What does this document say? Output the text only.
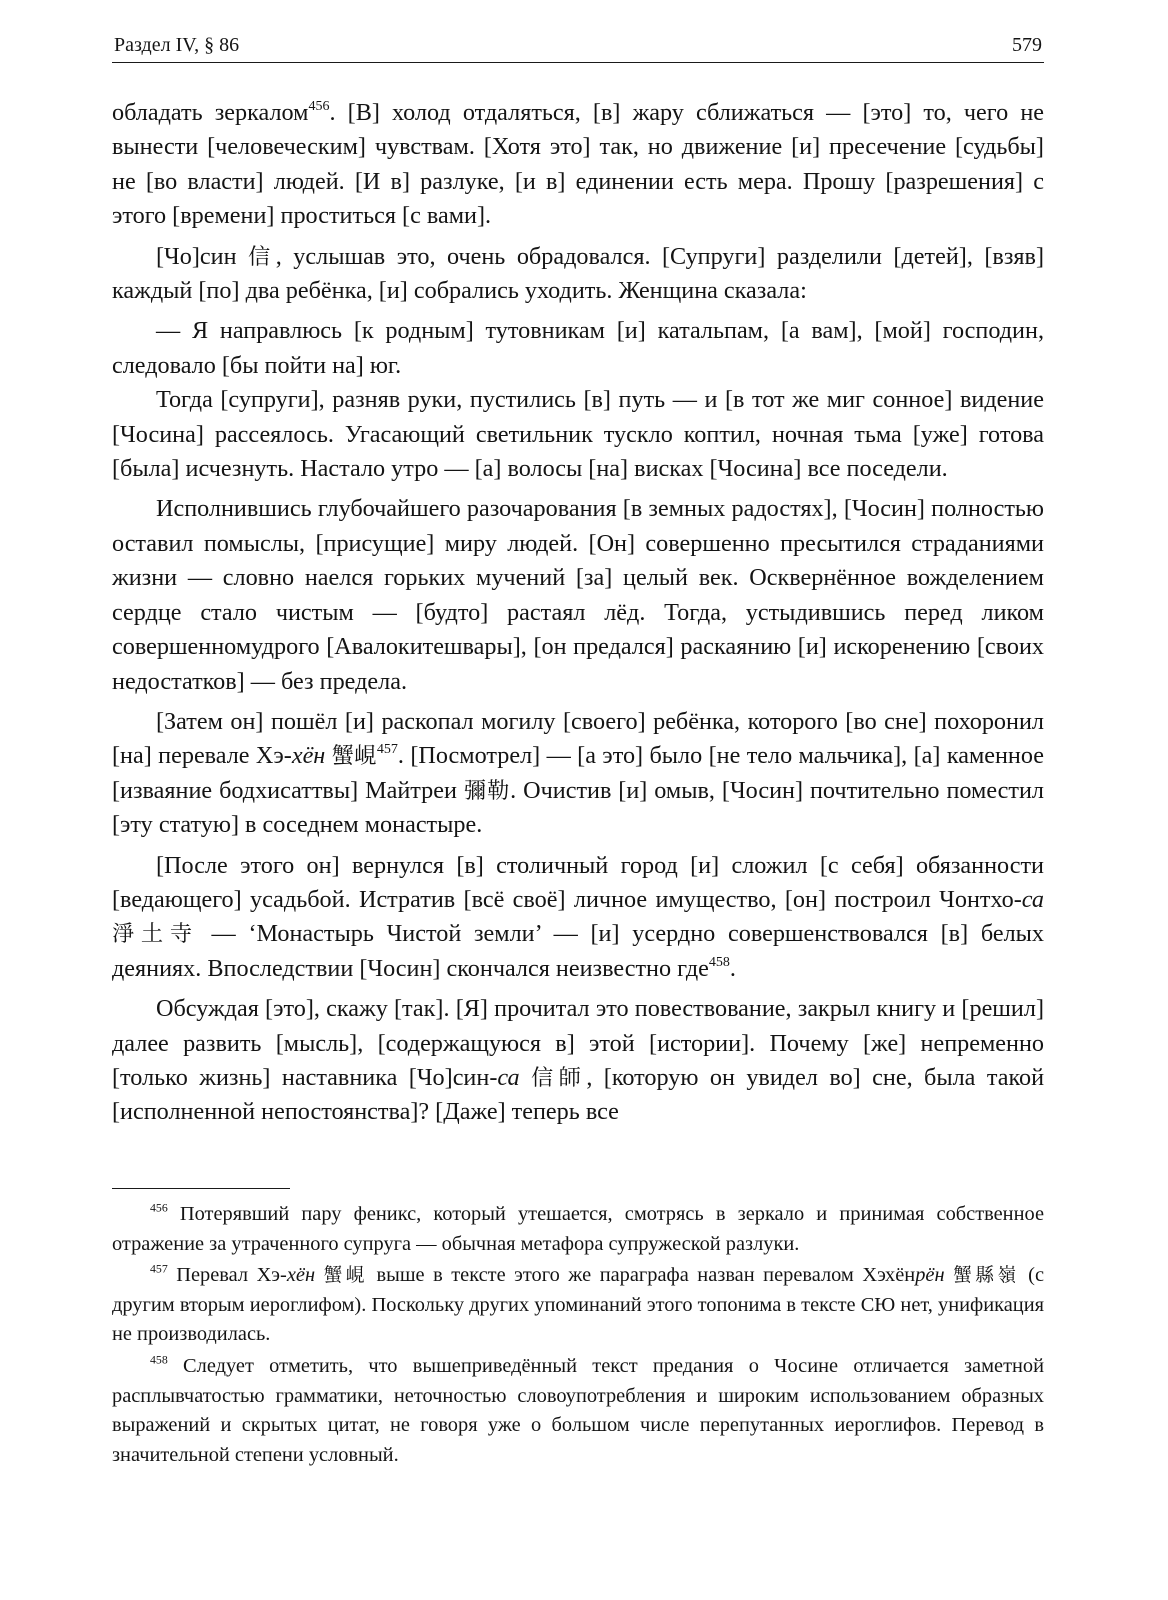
Раздел IV, § 86	579

обладать зеркалом$^{456}$. [В] холод отдаляться, [в] жару сближаться — [это] то, чего не вынести [человеческим] чувствам. [Хотя это] так, но движение [и] пресечение [судьбы] не [во власти] людей. [И в] разлуке, [и в] единении есть мера. Прошу [разрешения] с этого [времени] проститься [с вами].

[Чо]син 信, услышав это, очень обрадовался. [Супруги] разделили [детей], [взяв] каждый [по] два ребёнка, [и] собрались уходить. Женщина сказала:

— Я направлюсь [к родным] тутовникам [и] катальпам, [а вам], [мой] господин, следовало [бы пойти на] юг.

Тогда [супруги], разняв руки, пустились [в] путь — и [в тот же миг сонное] видение [Чосина] рассеялось. Угасающий светильник тускло коптил, ночная тьма [уже] готова [была] исчезнуть. Настало утро — [а] волосы [на] висках [Чосина] все поседели.

Исполнившись глубочайшего разочарования [в земных радостях], [Чосин] полностью оставил помыслы, [присущие] миру людей. [Он] совершенно пресытился страданиями жизни — словно наелся горьких мучений [за] целый век. Осквернённое вожделением сердце стало чистым — [будто] растаял лёд. Тогда, устыдившись перед ликом совершенномудрого [Авалокитешвары], [он предался] раскаянию [и] искоренению [своих недостатков] — без предела.

[Затем он] пошёл [и] раскопал могилу [своего] ребёнка, которого [во сне] похоронил [на] перевале Хэ-хён 蟹峴$^{457}$. [Посмотрел] — [а это] было [не тело мальчика], [а] каменное [изваяние бодхисаттвы] Майтреи 彌勒. Очистив [и] омыв, [Чосин] почтительно поместил [эту статую] в соседнем монастыре.

[После этого он] вернулся [в] столичный город [и] сложил [с себя] обязанности [ведающего] усадьбой. Истратив [всё своё] личное имущество, [он] построил Чонтхо-са 淨土寺 — ‘Монастырь Чистой земли’ — [и] усердно совершенствовался [в] белых деяниях. Впоследствии [Чосин] скончался неизвестно где$^{458}$.

Обсуждая [это], скажу [так]. [Я] прочитал это повествование, закрыл книгу и [решил] далее развить [мысль], [содержащуюся в] этой [истории]. Почему [же] непременно [только жизнь] наставника [Чо]син-са 信師, [которую он увидел во] сне, была такой [исполненной непостоянства]? [Даже] теперь все

$^{456}$ Потерявший пару феникс, который утешается, смотрясь в зеркало и принимая собственное отражение за утраченного супруга — обычная метафора супружеской разлуки.

$^{457}$ Перевал Хэ-хён 蟹峴 выше в тексте этого же параграфа назван перевалом Хэхёнрён 蟹縣嶺 (с другим вторым иероглифом). Поскольку других упоминаний этого топонима в тексте СЮ нет, унификация не производилась.

$^{458}$ Следует отметить, что вышеприведённый текст предания о Чосине отличается заметной расплывчатостью грамматики, неточностью словоупотребления и широким использованием образных выражений и скрытых цитат, не говоря уже о большом числе перепутанных иероглифов. Перевод в значительной степени условный.
